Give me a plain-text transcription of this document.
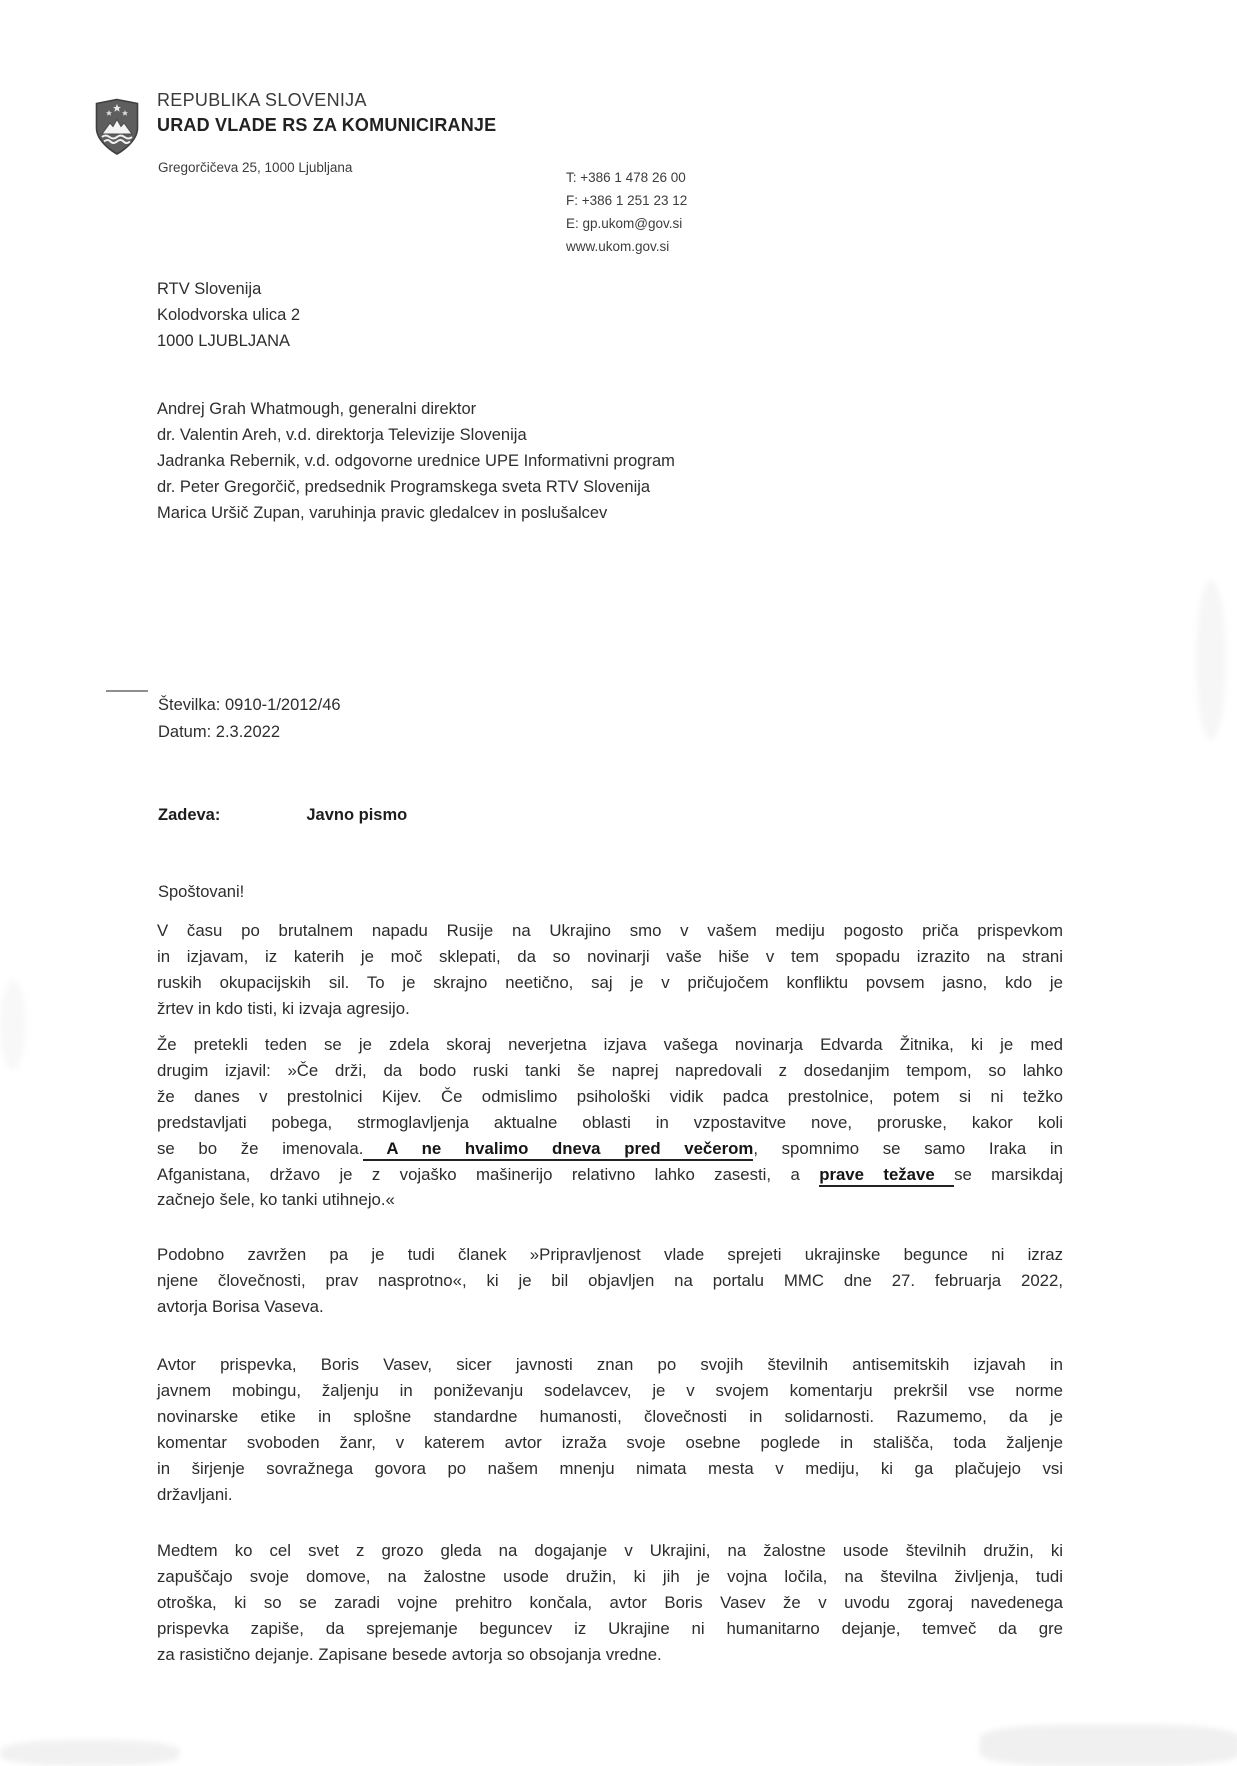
REPUBLIKA SLOVENIJA
URAD VLADE RS ZA KOMUNICIRANJE
Gregorčičeva 25, 1000 Ljubljana
T: +386 1 478 26 00
F: +386 1 251 23 12
E: gp.ukom@gov.si
www.ukom.gov.si
RTV Slovenija
Kolodvorska ulica 2
1000 LJUBLJANA
Andrej Grah Whatmough, generalni direktor
dr. Valentin Areh, v.d. direktorja Televizije Slovenija
Jadranka Rebernik, v.d. odgovorne urednice UPE Informativni program
dr. Peter Gregorčič, predsednik Programskega sveta RTV Slovenija
Marica Uršič Zupan, varuhinja pravic gledalcev in poslušalcev
Številka: 0910-1/2012/46
Datum: 2.3.2022
Zadeva:	Javno pismo
Spoštovani!
V času po brutalnem napadu Rusije na Ukrajino smo v vašem mediju pogosto priča prispevkom
in izjavam, iz katerih je moč sklepati, da so novinarji vaše hiše v tem spopadu izrazito na strani
ruskih okupacijskih sil. To je skrajno neetično, saj je v pričujočem konfliktu povsem jasno, kdo je
žrtev in kdo tisti, ki izvaja agresijo.
Že pretekli teden se je zdela skoraj neverjetna izjava vašega novinarja Edvarda Žitnika, ki je med
drugim izjavil: »Če drži, da bodo ruski tanki še naprej napredovali z dosedanjim tempom, so lahko
že danes v prestolnici Kijev. Če odmislimo psihološki vidik padca prestolnice, potem si ni težko
predstavljati pobega, strmoglavljenja aktualne oblasti in vzpostavitve nove, proruske, kakor koli
se bo že imenovala. A ne hvalimo dneva pred večerom, spomnimo se samo Iraka in
Afganistana, državo je z vojaško mašinerijo relativno lahko zasesti, a prave težave se marsikdaj
začnejo šele, ko tanki utihnejo.«
Podobno zavržen pa je tudi članek »Pripravljenost vlade sprejeti ukrajinske begunce ni izraz
njene človečnosti, prav nasprotno«, ki je bil objavljen na portalu MMC dne 27. februarja 2022,
avtorja Borisa Vaseva.
Avtor prispevka, Boris Vasev, sicer javnosti znan po svojih številnih antisemitskih izjavah in
javnem mobingu, žaljenju in poniževanju sodelavcev, je v svojem komentarju prekršil vse norme
novinarske etike in splošne standardne humanosti, človečnosti in solidarnosti. Razumemo, da je
komentar svoboden žanr, v katerem avtor izraža svoje osebne poglede in stališča, toda žaljenje
in širjenje sovražnega govora po našem mnenju nimata mesta v mediju, ki ga plačujejo vsi
državljani.
Medtem ko cel svet z grozo gleda na dogajanje v Ukrajini, na žalostne usode številnih družin, ki
zapuščajo svoje domove, na žalostne usode družin, ki jih je vojna ločila, na številna življenja, tudi
otroška, ki so se zaradi vojne prehitro končala, avtor Boris Vasev že v uvodu zgoraj navedenega
prispevka zapiše, da sprejemanje beguncev iz Ukrajine ni humanitarno dejanje, temveč da gre
za rasistično dejanje. Zapisane besede avtorja so obsojanja vredne.
